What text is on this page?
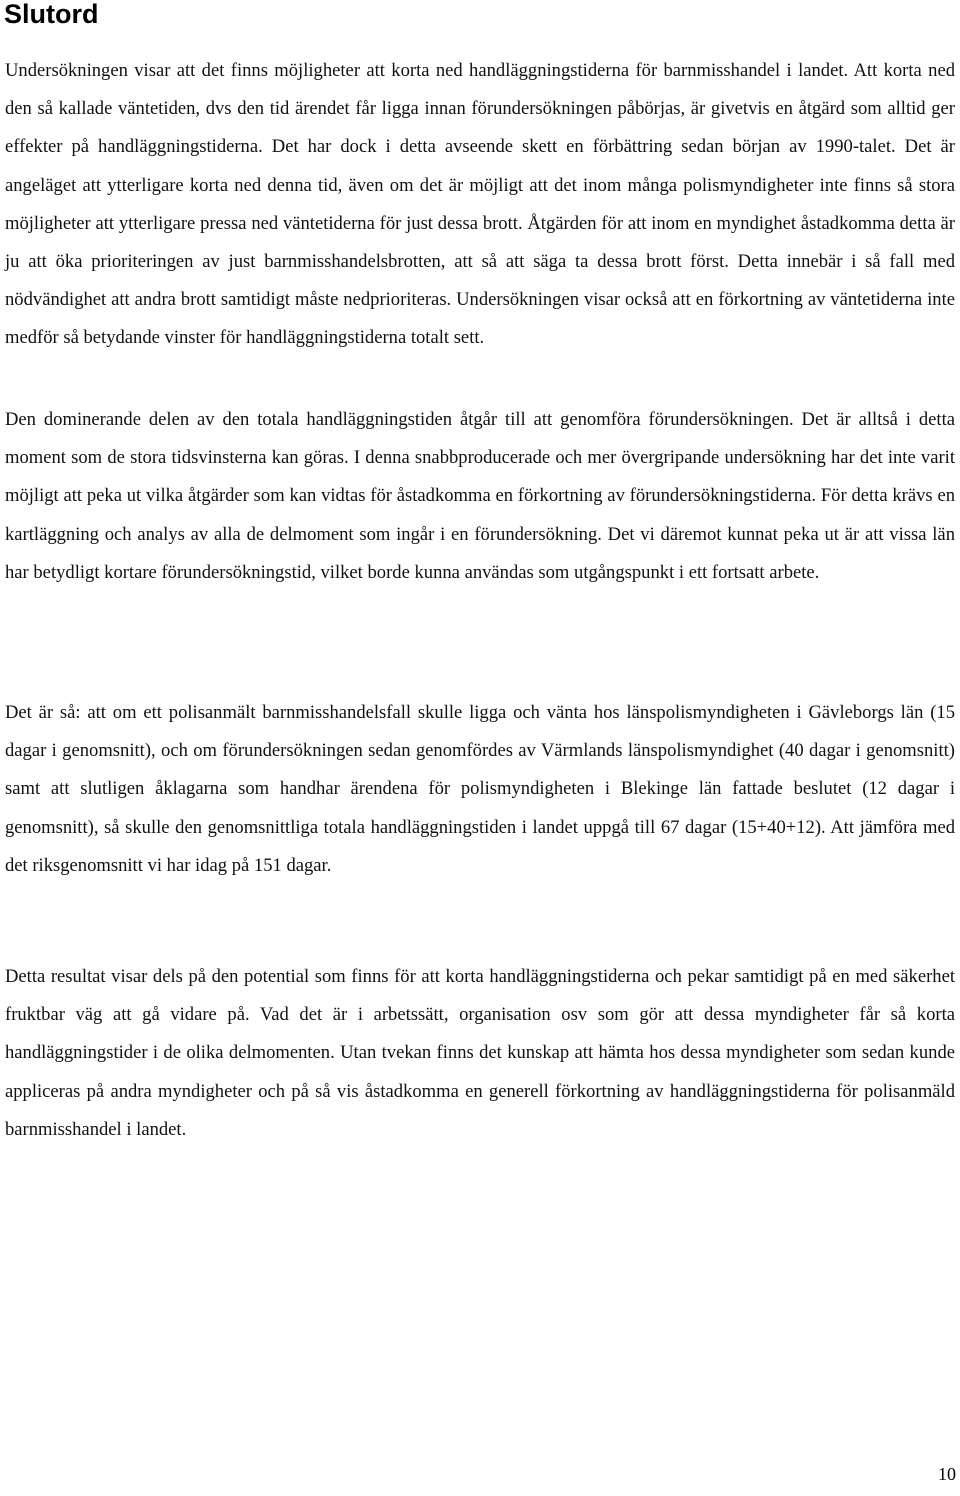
Slutord

Undersökningen visar att det finns möjligheter att korta ned handläggningstiderna för barnmisshandel i landet. Att korta ned den så kallade väntetiden, dvs den tid ärendet får ligga innan förundersökningen påbörjas, är givetvis en åtgärd som alltid ger effekter på handläggningstiderna. Det har dock i detta avseende skett en förbättring sedan början av 1990-talet. Det är angeläget att ytterligare korta ned denna tid, även om det är möjligt att det inom många polismyndigheter inte finns så stora möjligheter att ytterligare pressa ned väntetiderna för just dessa brott. Åtgärden för att inom en myndighet åstadkomma detta är ju att öka prioriteringen av just barnmisshandelsbrotten, att så att säga ta dessa brott först. Detta innebär i så fall med nödvändighet att andra brott samtidigt måste nedprioriteras. Undersökningen visar också att en förkortning av väntetiderna inte medför så betydande vinster för handläggningstiderna totalt sett.

Den dominerande delen av den totala handläggningstiden åtgår till att genomföra förundersökningen. Det är alltså i detta moment som de stora tidsvinsterna kan göras. I denna snabbproducerade och mer övergripande undersökning har det inte varit möjligt att peka ut vilka åtgärder som kan vidtas för åstadkomma en förkortning av förundersökningstiderna. För detta krävs en kartläggning och analys av alla de delmoment som ingår i en förundersökning. Det vi däremot kunnat peka ut är att vissa län har betydligt kortare förundersökningstid, vilket borde kunna användas som utgångspunkt i ett fortsatt arbete.

Det är så: att om ett polisanmält barnmisshandelsfall skulle ligga och vänta hos länspolismyndigheten i Gävleborgs län (15 dagar i genomsnitt), och om förundersökningen sedan genomfördes av Värmlands länspolismyndighet (40 dagar i genomsnitt) samt att slutligen åklagarna som handhar ärendena för polismyndigheten i Blekinge län fattade beslutet (12 dagar i genomsnitt), så skulle den genomsnittliga totala handläggningstiden i landet uppgå till 67 dagar (15+40+12). Att jämföra med det riksgenomsnitt vi har idag på 151 dagar.

Detta resultat visar dels på den potential som finns för att korta handläggningstiderna och pekar samtidigt på en med säkerhet fruktbar väg att gå vidare på. Vad det är i arbetssätt, organisation osv som gör att dessa myndigheter får så korta handläggningstider i de olika delmomenten. Utan tvekan finns det kunskap att hämta hos dessa myndigheter som sedan kunde appliceras på andra myndigheter och på så vis åstadkomma en generell förkortning av handläggningstiderna för polisanmäld barnmisshandel i landet.

10
